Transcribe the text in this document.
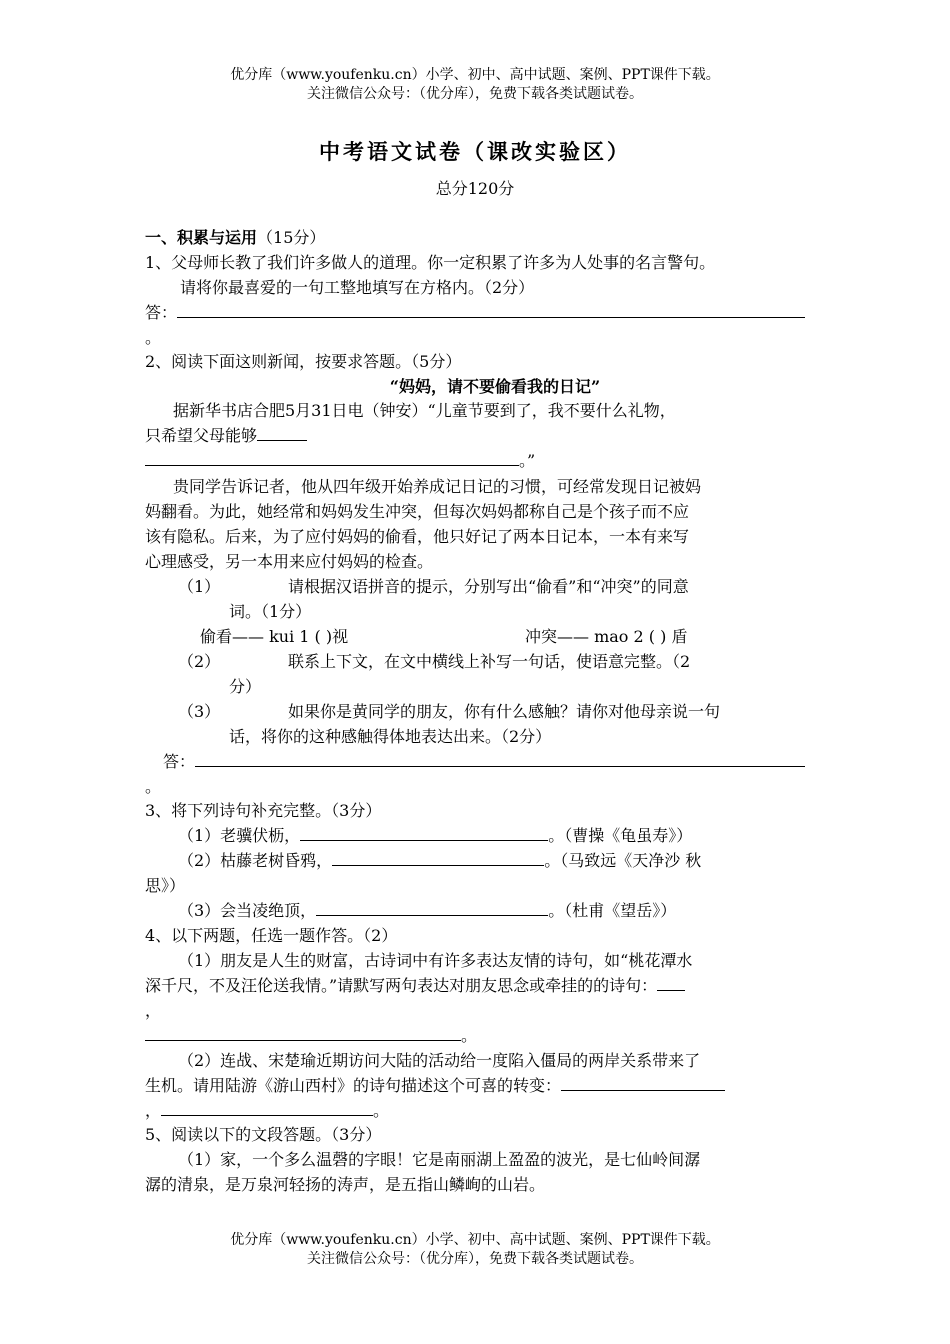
优分库（www.youfenku.cn）小学、初中、高中试题、案例、PPT课件下载。
关注微信公众号：（优分库），免费下载各类试题试卷。
中考语文试卷（课改实验区）
总分120分
一、积累与运用（15分）
1、父母师长教了我们许多做人的道理。你一定积累了许多为人处事的名言警句。
请将你最喜爱的一句工整地填写在方格内。（2分）
答：
。
2、阅读下面这则新闻，按要求答题。（5分）
“妈妈，请不要偷看我的日记”
据新华书店合肥5月31日电（钟安）“儿童节要到了，我不要什么礼物，
只希望父母能够
。”
贵同学告诉记者，他从四年级开始养成记日记的习惯，可经常发现日记被妈
妈翻看。为此，她经常和妈妈发生冲突，但每次妈妈都称自己是个孩子而不应
该有隐私。后来，为了应付妈妈的偷看，他只好记了两本日记本，一本有来写
心理感受，另一本用来应付妈妈的检查。
（1）	请根据汉语拼音的提示，分别写出“偷看”和“冲突”的同意
词。（1分）
偷看—— kui 1 ( )视	冲突—— mao 2 ( ) 盾
（2）	联系上下文，在文中横线上补写一句话，使语意完整。（2
分）
（3）	如果你是黄同学的朋友，你有什么感触？请你对他母亲说一句
话，将你的这种感触得体地表达出来。（2分）
答：
。
3、将下列诗句补充完整。（3分）
（1）老骥伏枥，	。（曹操《龟虽寿》）
（2）枯藤老树昏鸦，	。（马致远《天净沙 秋
思》）
（3）会当凌绝顶，	。（杜甫《望岳》）
4、以下两题，任选一题作答。（2）
（1）朋友是人生的财富，古诗词中有许多表达友情的诗句，如“桃花潭水
深千尺，不及汪伦送我情。”请默写两句表达对朋友思念或牵挂的的诗句：
，
。
（2）连战、宋楚瑜近期访问大陆的活动给一度陷入僵局的两岸关系带来了
生机。请用陆游《游山西村》的诗句描述这个可喜的转变：
，	。
5、阅读以下的文段答题。（3分）
（1）家，一个多么温磬的字眼！它是南丽湖上盈盈的波光，是七仙岭间潺
潺的清泉，是万泉河轻扬的涛声，是五指山鳞峋的山岩。
优分库（www.youfenku.cn）小学、初中、高中试题、案例、PPT课件下载。
关注微信公众号：（优分库），免费下载各类试题试卷。
